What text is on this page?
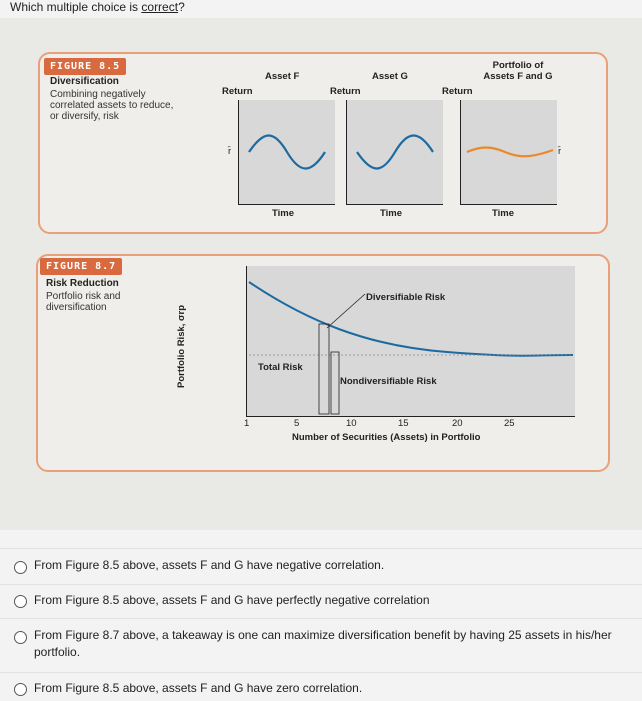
Which multiple choice is correct?
FIGURE 8.5
Diversification
Combining negatively
correlated assets to reduce,
or diversify, risk
Asset F	Asset G
Portfolio of
Assets F and G
Return	Return	Return
r̄	r̄
Time	Time	Time
FIGURE 8.7
Risk Reduction
Portfolio risk and
diversification	Portfolio Risk, σrp
Diversifiable Risk
Total Risk
Nondiversifiable Risk
1	5	10	15	20	25
Number of Securities (Assets) in Portfolio
From Figure 8.5 above, assets F and G have negative correlation.
From Figure 8.5 above, assets F and G have perfectly negative correlation
From Figure 8.7 above, a takeaway is one can maximize diversification benefit by having 25 assets in his/her portfolio.
From Figure 8.5 above, assets F and G have zero correlation.
